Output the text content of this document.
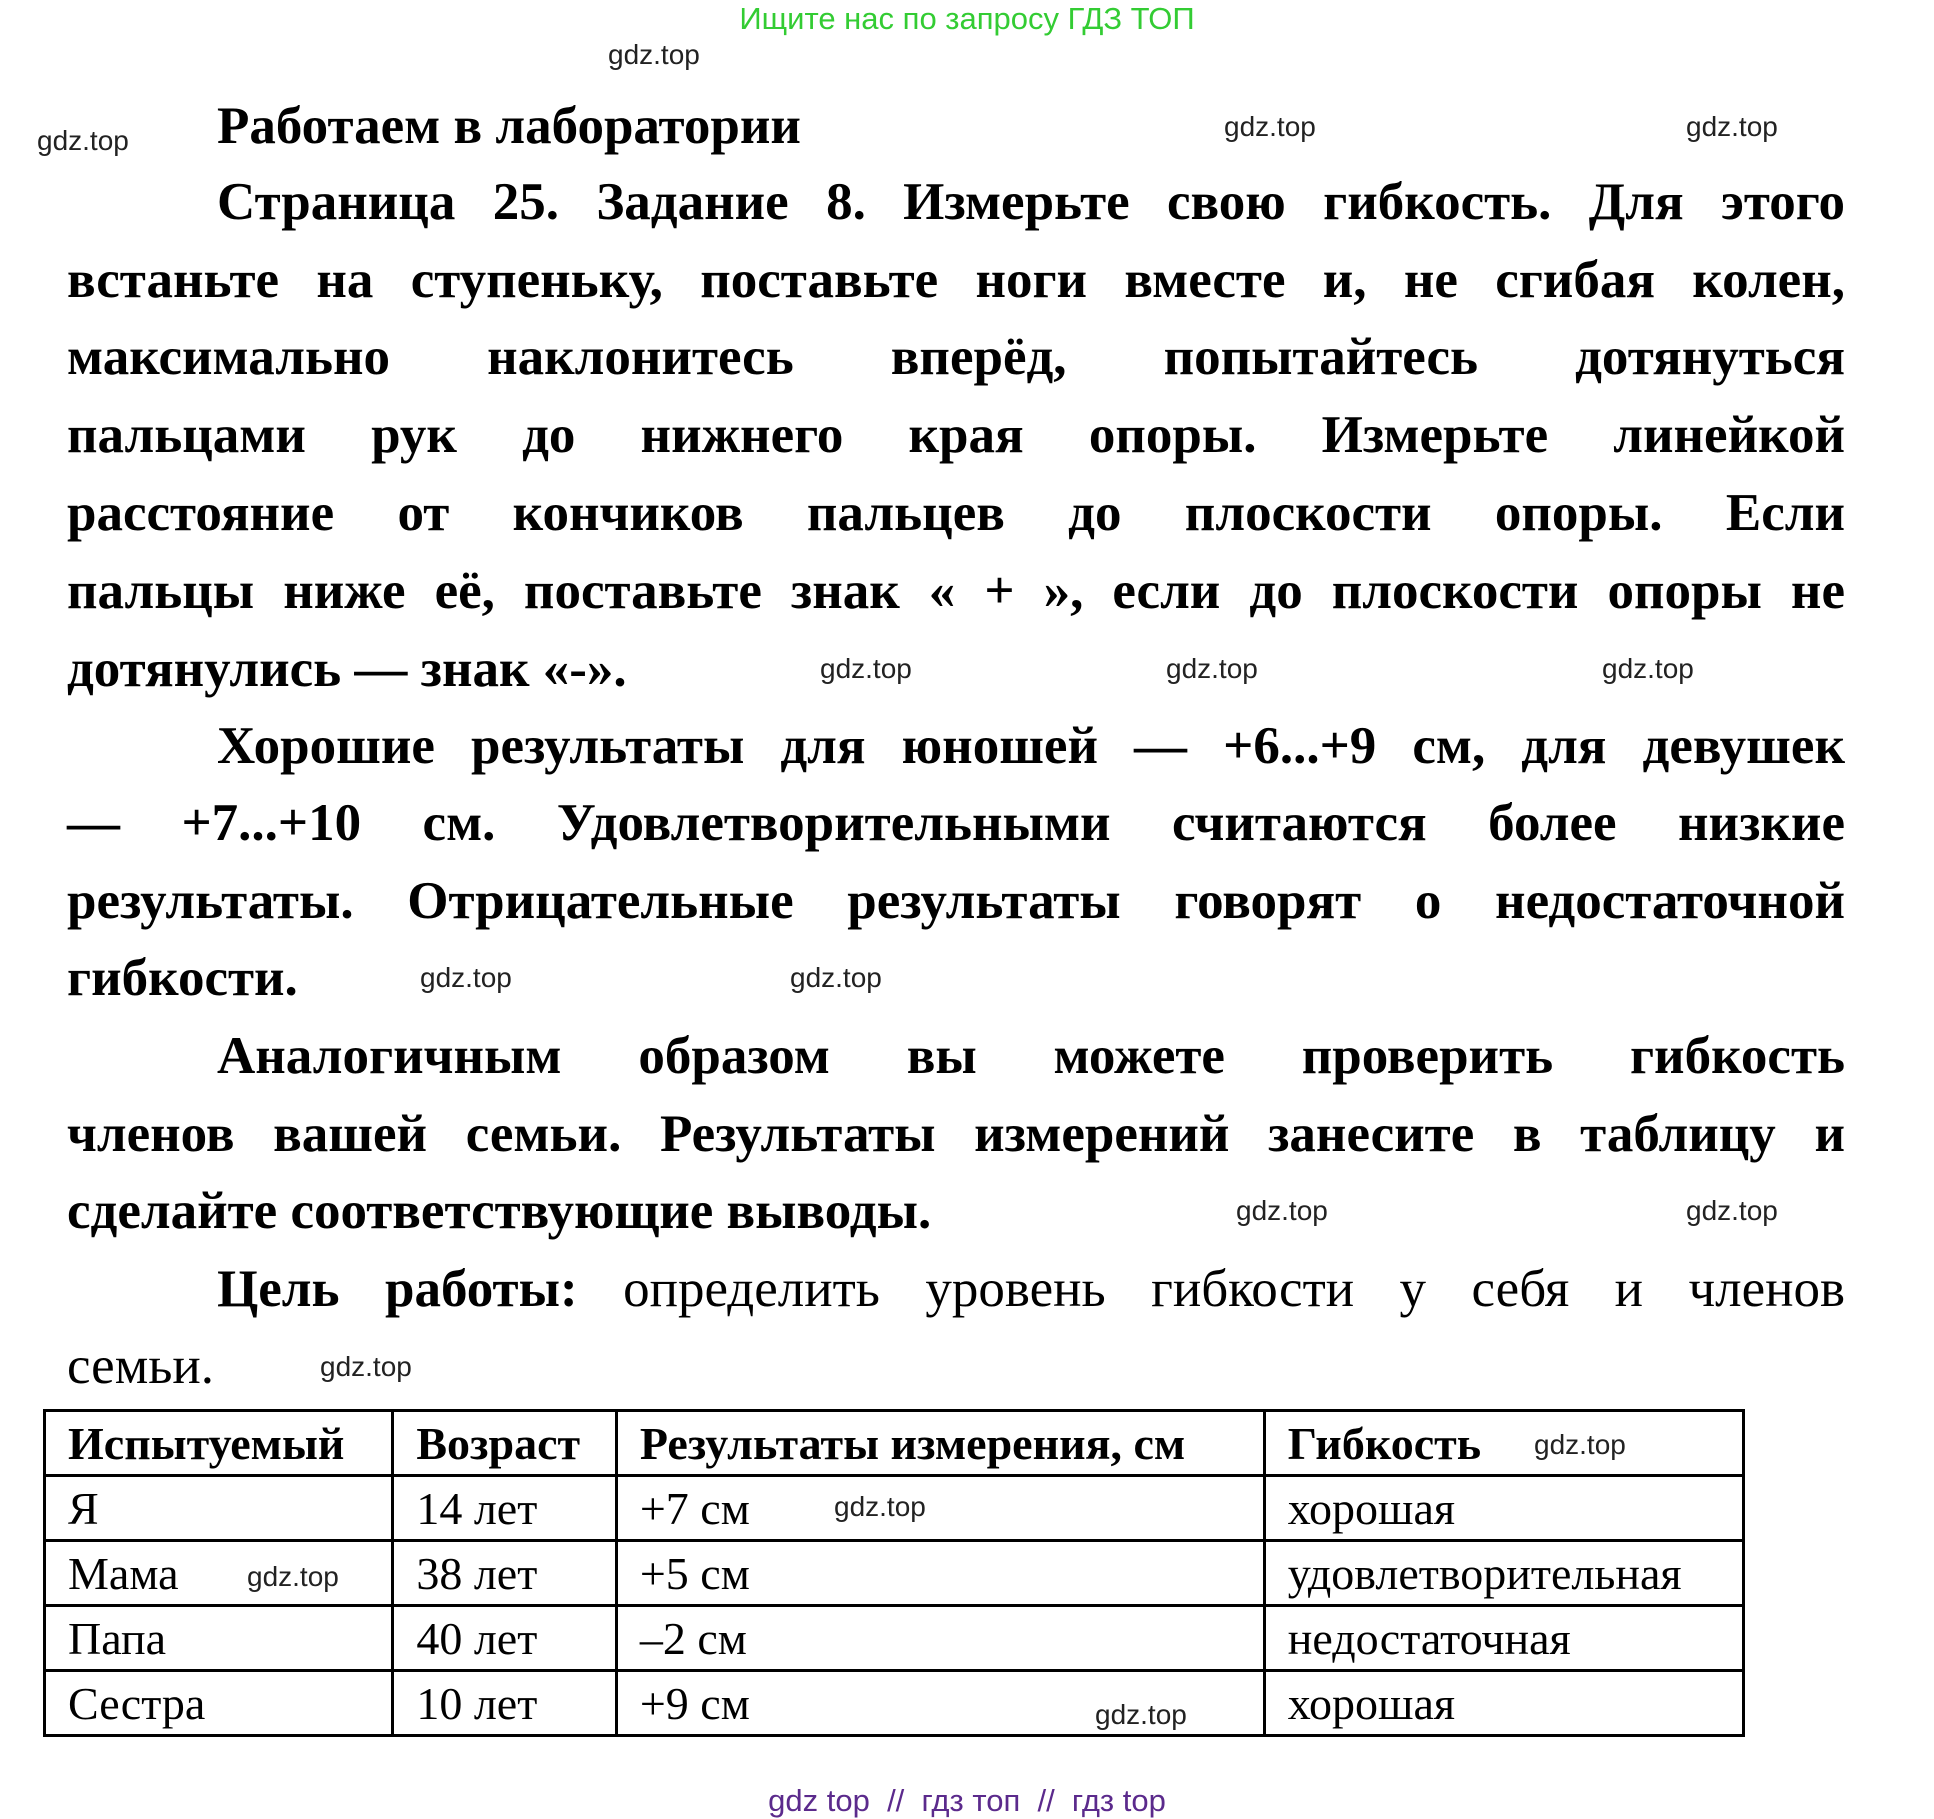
Ищите нас по запросу ГДЗ ТОП
Работаем в лаборатории
Страница 25. Задание 8. Измерьте свою гибкость. Для этого
встаньте на ступеньку, поставьте ноги вместе и, не сгибая колен,
максимально наклонитесь вперёд, попытайтесь дотянуться
пальцами рук до нижнего края опоры. Измерьте линейкой
расстояние от кончиков пальцев до плоскости опоры. Если
пальцы ниже её, поставьте знак « + », если до плоскости опоры не
дотянулись — знак «-».
Хорошие результаты для юношей — +6...+9 см, для девушек
— +7...+10 см. Удовлетворительными считаются более низкие
результаты. Отрицательные результаты говорят о недостаточной
гибкости.
Аналогичным образом вы можете проверить гибкость
членов вашей семьи. Результаты измерений занесите в таблицу и
сделайте соответствующие выводы.
Цель работы: определить уровень гибкости у себя и членов
семьи.
Испытуемый	Возраст	Результаты измерения, см	Гибкость
Я	14 лет	+7 см	хорошая
Мама	38 лет	+5 см	удовлетворительная
Папа	40 лет	–2 см	недостаточная
Сестра	10 лет	+9 см	хорошая
gdz.top
gdz.top	gdz.top	gdz.top
gdz.top	gdz.top	gdz.top
gdz.top	gdz.top
gdz.top	gdz.top
gdz.top
gdz.top
gdz.top
gdz.top
gdz.top
gdz top  //  гдз топ  //  гдз top
